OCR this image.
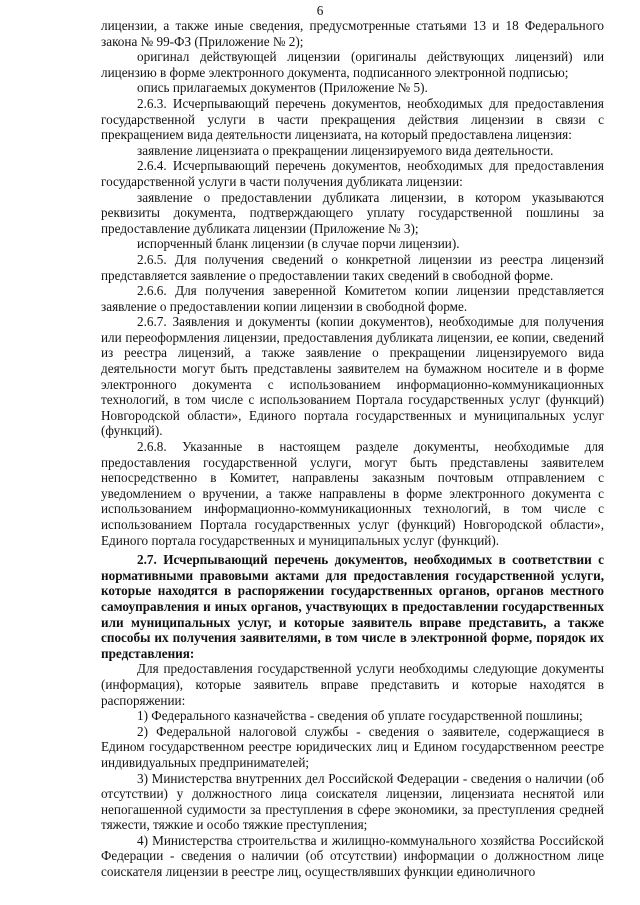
6

лицензии, а также иные сведения, предусмотренные статьями 13 и 18 Федерального закона № 99-ФЗ (Приложение № 2);

оригинал действующей лицензии (оригиналы действующих лицензий) или лицензию в форме электронного документа, подписанного электронной подписью;

опись прилагаемых документов (Приложение № 5).

2.6.3. Исчерпывающий перечень документов, необходимых для предоставления государственной услуги в части прекращения действия лицензии в связи с прекращением вида деятельности лицензиата, на который предоставлена лицензия:

заявление лицензиата о прекращении лицензируемого вида деятельности.

2.6.4. Исчерпывающий перечень документов, необходимых для предоставления государственной услуги в части получения дубликата лицензии:

заявление о предоставлении дубликата лицензии, в котором указываются реквизиты документа, подтверждающего уплату государственной пошлины за предоставление дубликата лицензии (Приложение № 3);

испорченный бланк лицензии (в случае порчи лицензии).

2.6.5. Для получения сведений о конкретной лицензии из реестра лицензий представляется заявление о предоставлении таких сведений в свободной форме.

2.6.6. Для получения заверенной Комитетом копии лицензии представляется заявление о предоставлении копии лицензии в свободной форме.

2.6.7. Заявления и документы (копии документов), необходимые для получения или переоформления лицензии, предоставления дубликата лицензии, ее копии, сведений из реестра лицензий, а также заявление о прекращении лицензируемого вида деятельности могут быть представлены заявителем на бумажном носителе и в форме электронного документа с использованием информационно-коммуникационных технологий, в том числе с использованием Портала государственных услуг (функций) Новгородской области», Единого портала государственных и муниципальных услуг (функций).

2.6.8. Указанные в настоящем разделе документы, необходимые для предоставления государственной услуги, могут быть представлены заявителем непосредственно в Комитет, направлены заказным почтовым отправлением с уведомлением о вручении, а также направлены в форме электронного документа с использованием информационно-коммуникационных технологий, в том числе с использованием Портала государственных услуг (функций) Новгородской области», Единого портала государственных и муниципальных услуг (функций).

2.7. Исчерпывающий перечень документов, необходимых в соответствии с нормативными правовыми актами для предоставления государственной услуги, которые находятся в распоряжении государственных органов, органов местного самоуправления и иных органов, участвующих в предоставлении государственных или муниципальных услуг, и которые заявитель вправе представить, а также способы их получения заявителями, в том числе в электронной форме, порядок их представления:

Для предоставления государственной услуги необходимы следующие документы (информация), которые заявитель вправе представить и которые находятся в распоряжении:

1) Федерального казначейства - сведения об уплате государственной пошлины;

2) Федеральной налоговой службы - сведения о заявителе, содержащиеся в Едином государственном реестре юридических лиц и Едином государственном реестре индивидуальных предпринимателей;

3) Министерства внутренних дел Российской Федерации - сведения о наличии (об отсутствии) у должностного лица соискателя лицензии, лицензиата неснятой или непогашенной судимости за преступления в сфере экономики, за преступления средней тяжести, тяжкие и особо тяжкие преступления;

4) Министерства строительства и жилищно-коммунального хозяйства Российской Федерации - сведения о наличии (об отсутствии) информации о должностном лице соискателя лицензии в реестре лиц, осуществлявших функции единоличного
